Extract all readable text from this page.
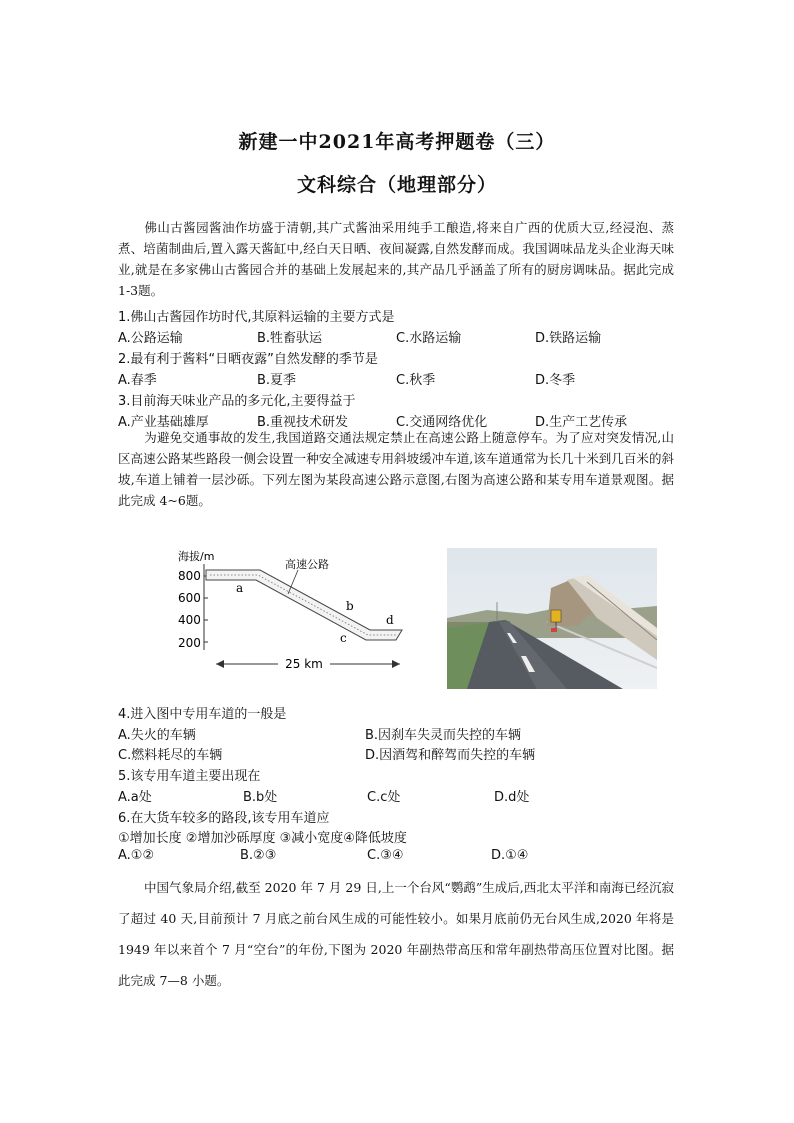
新建一中2021年高考押题卷（三）
文科综合（地理部分）
佛山古酱园酱油作坊盛于清朝,其广式酱油采用纯手工酿造,将来自广西的优质大豆,经浸泡、蒸煮、培菌制曲后,置入露天酱缸中,经白天日晒、夜间凝露,自然发酵而成。我国调味品龙头企业海天味业,就是在多家佛山古酱园合并的基础上发展起来的,其产品几乎涵盖了所有的厨房调味品。据此完成 1-3题。
1.佛山古酱园作坊时代,其原料运输的主要方式是
A.公路运输	B.牲畜驮运	C.水路运输	D.铁路运输
2.最有利于酱料“日晒夜露”自然发酵的季节是
A.春季	B.夏季	C.秋季	D.冬季
3.目前海天味业产品的多元化,主要得益于
A.产业基础雄厚	B.重视技术研发	C.交通网络优化	D.生产工艺传承
为避免交通事故的发生,我国道路交通法规定禁止在高速公路上随意停车。为了应对突发情况,山区高速公路某些路段一侧会设置一种安全减速专用斜坡缓冲车道,该车道通常为长几十米到几百米的斜坡,车道上铺着一层沙砾。下列左图为某段高速公路示意图,右图为高速公路和某专用车道景观图。据此完成 4~6题。
海拔/m
800
600
400
200
高速公路
a
b
c
d
25 km
4.进入图中专用车道的一般是
A.失火的车辆	B.因刹车失灵而失控的车辆
C.燃料耗尽的车辆	D.因酒驾和醉驾而失控的车辆
5.该专用车道主要出现在
A.a处	B.b处	C.c处	D.d处
6.在大货车较多的路段,该专用车道应
①增加长度 ②增加沙砾厚度 ③减小宽度④降低坡度
A.①②	B.②③	C.③④	D.①④
中国气象局介绍,截至 2020 年 7 月 29 日,上一个台风“鹦鹉”生成后,西北太平洋和南海已经沉寂了超过 40 天,目前预计 7 月底之前台风生成的可能性较小。如果月底前仍无台风生成,2020 年将是 1949 年以来首个 7 月“空台”的年份,下图为 2020 年副热带高压和常年副热带高压位置对比图。据此完成 7—8 小题。
